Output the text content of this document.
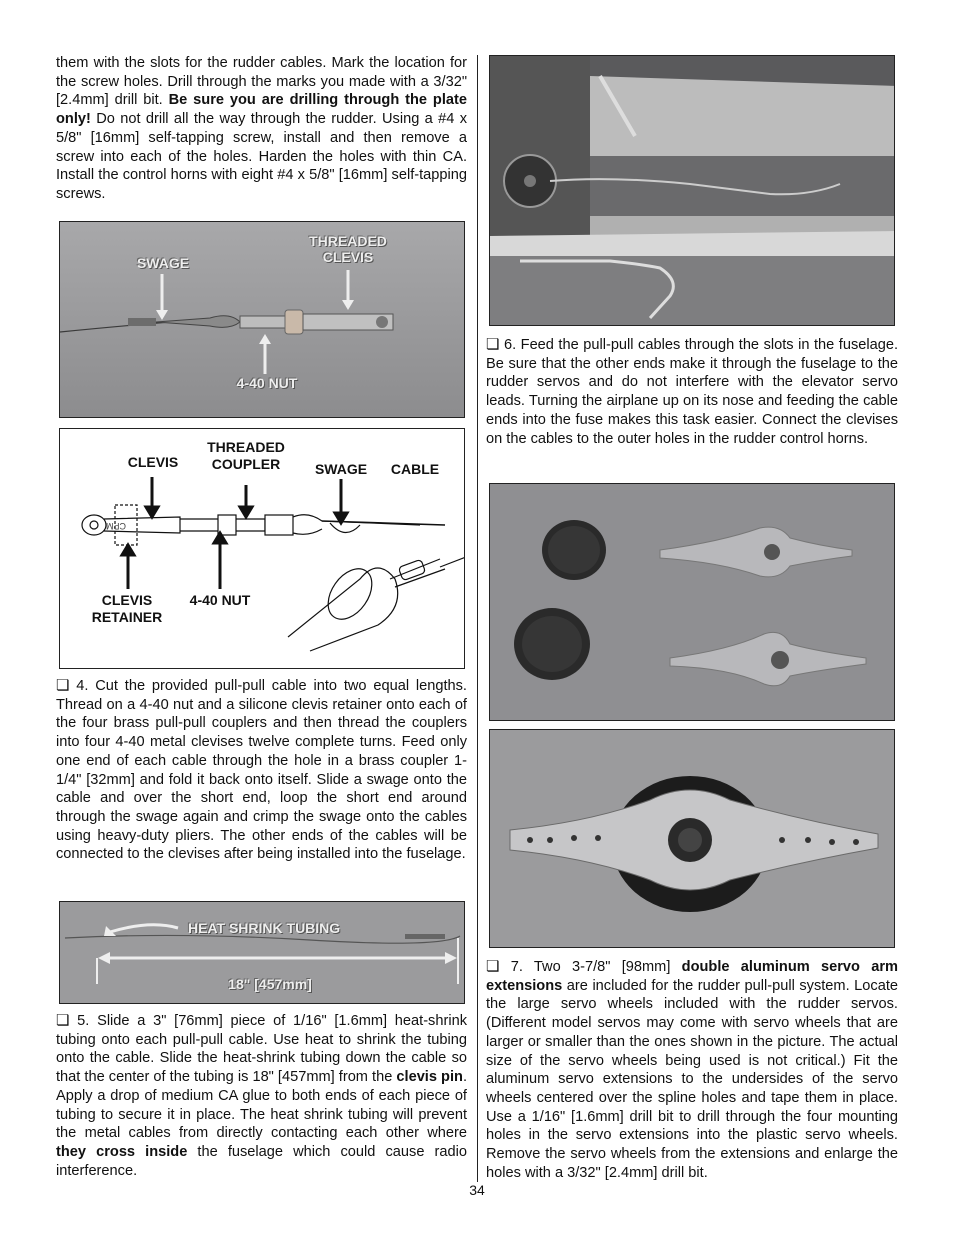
them with the slots for the rudder cables. Mark the location for the screw holes. Drill through the marks you made with a 3/32" [2.4mm] drill bit. Be sure you are drilling through the plate only! Do not drill all the way through the rudder. Using a #4 x 5/8" [16mm] self-tapping screw, install and then remove a screw into each of the holes. Harden the holes with thin CA. Install the control horns with eight #4 x 5/8" [16mm] self-tapping screws.
SWAGE
THREADED CLEVIS
4-40 NUT
CPM
CLEVIS
THREADED COUPLER	SWAGE	CABLE
CLEVIS RETAINER
4-40 NUT
❏ 4. Cut the provided pull-pull cable into two equal lengths. Thread on a 4-40 nut and a silicone clevis retainer onto each of the four brass pull-pull couplers and then thread the couplers into four 4-40 metal clevises twelve complete turns. Feed only one end of each cable through the hole in a brass coupler 1-1/4" [32mm] and fold it back onto itself. Slide a swage onto the cable and over the short end, loop the short end around through the swage again and crimp the swage onto the cables using heavy-duty pliers. The other ends of the cables will be connected to the clevises after being installed into the fuselage.
HEAT SHRINK TUBING
18" [457mm]
❏ 5. Slide a 3" [76mm] piece of 1/16" [1.6mm] heat-shrink tubing onto each pull-pull cable. Use heat to shrink the tubing onto the cable. Slide the heat-shrink tubing down the cable so that the center of the tubing is 18" [457mm] from the clevis pin. Apply a drop of medium CA glue to both ends of each piece of tubing to secure it in place. The heat shrink tubing will prevent the metal cables from directly contacting each other where they cross inside the fuselage which could cause radio interference.
❏ 6. Feed the pull-pull cables through the slots in the fuselage. Be sure that the other ends make it through the fuselage to the rudder servos and do not interfere with the elevator servo leads. Turning the airplane up on its nose and feeding the cable ends into the fuse makes this task easier. Connect the clevises on the cables to the outer holes in the rudder control horns.
❏ 7. Two 3-7/8" [98mm] double aluminum servo arm extensions are included for the rudder pull-pull system. Locate the large servo wheels included with the rudder servos. (Different model servos may come with servo wheels that are larger or smaller than the ones shown in the picture. The actual size of the servo wheels being used is not critical.) Fit the aluminum servo extensions to the undersides of the servo wheels centered over the spline holes and tape them in place. Use a 1/16" [1.6mm] drill bit to drill through the four mounting holes in the servo extensions into the plastic servo wheels. Remove the servo wheels from the extensions and enlarge the holes with a 3/32" [2.4mm] drill bit.
34
